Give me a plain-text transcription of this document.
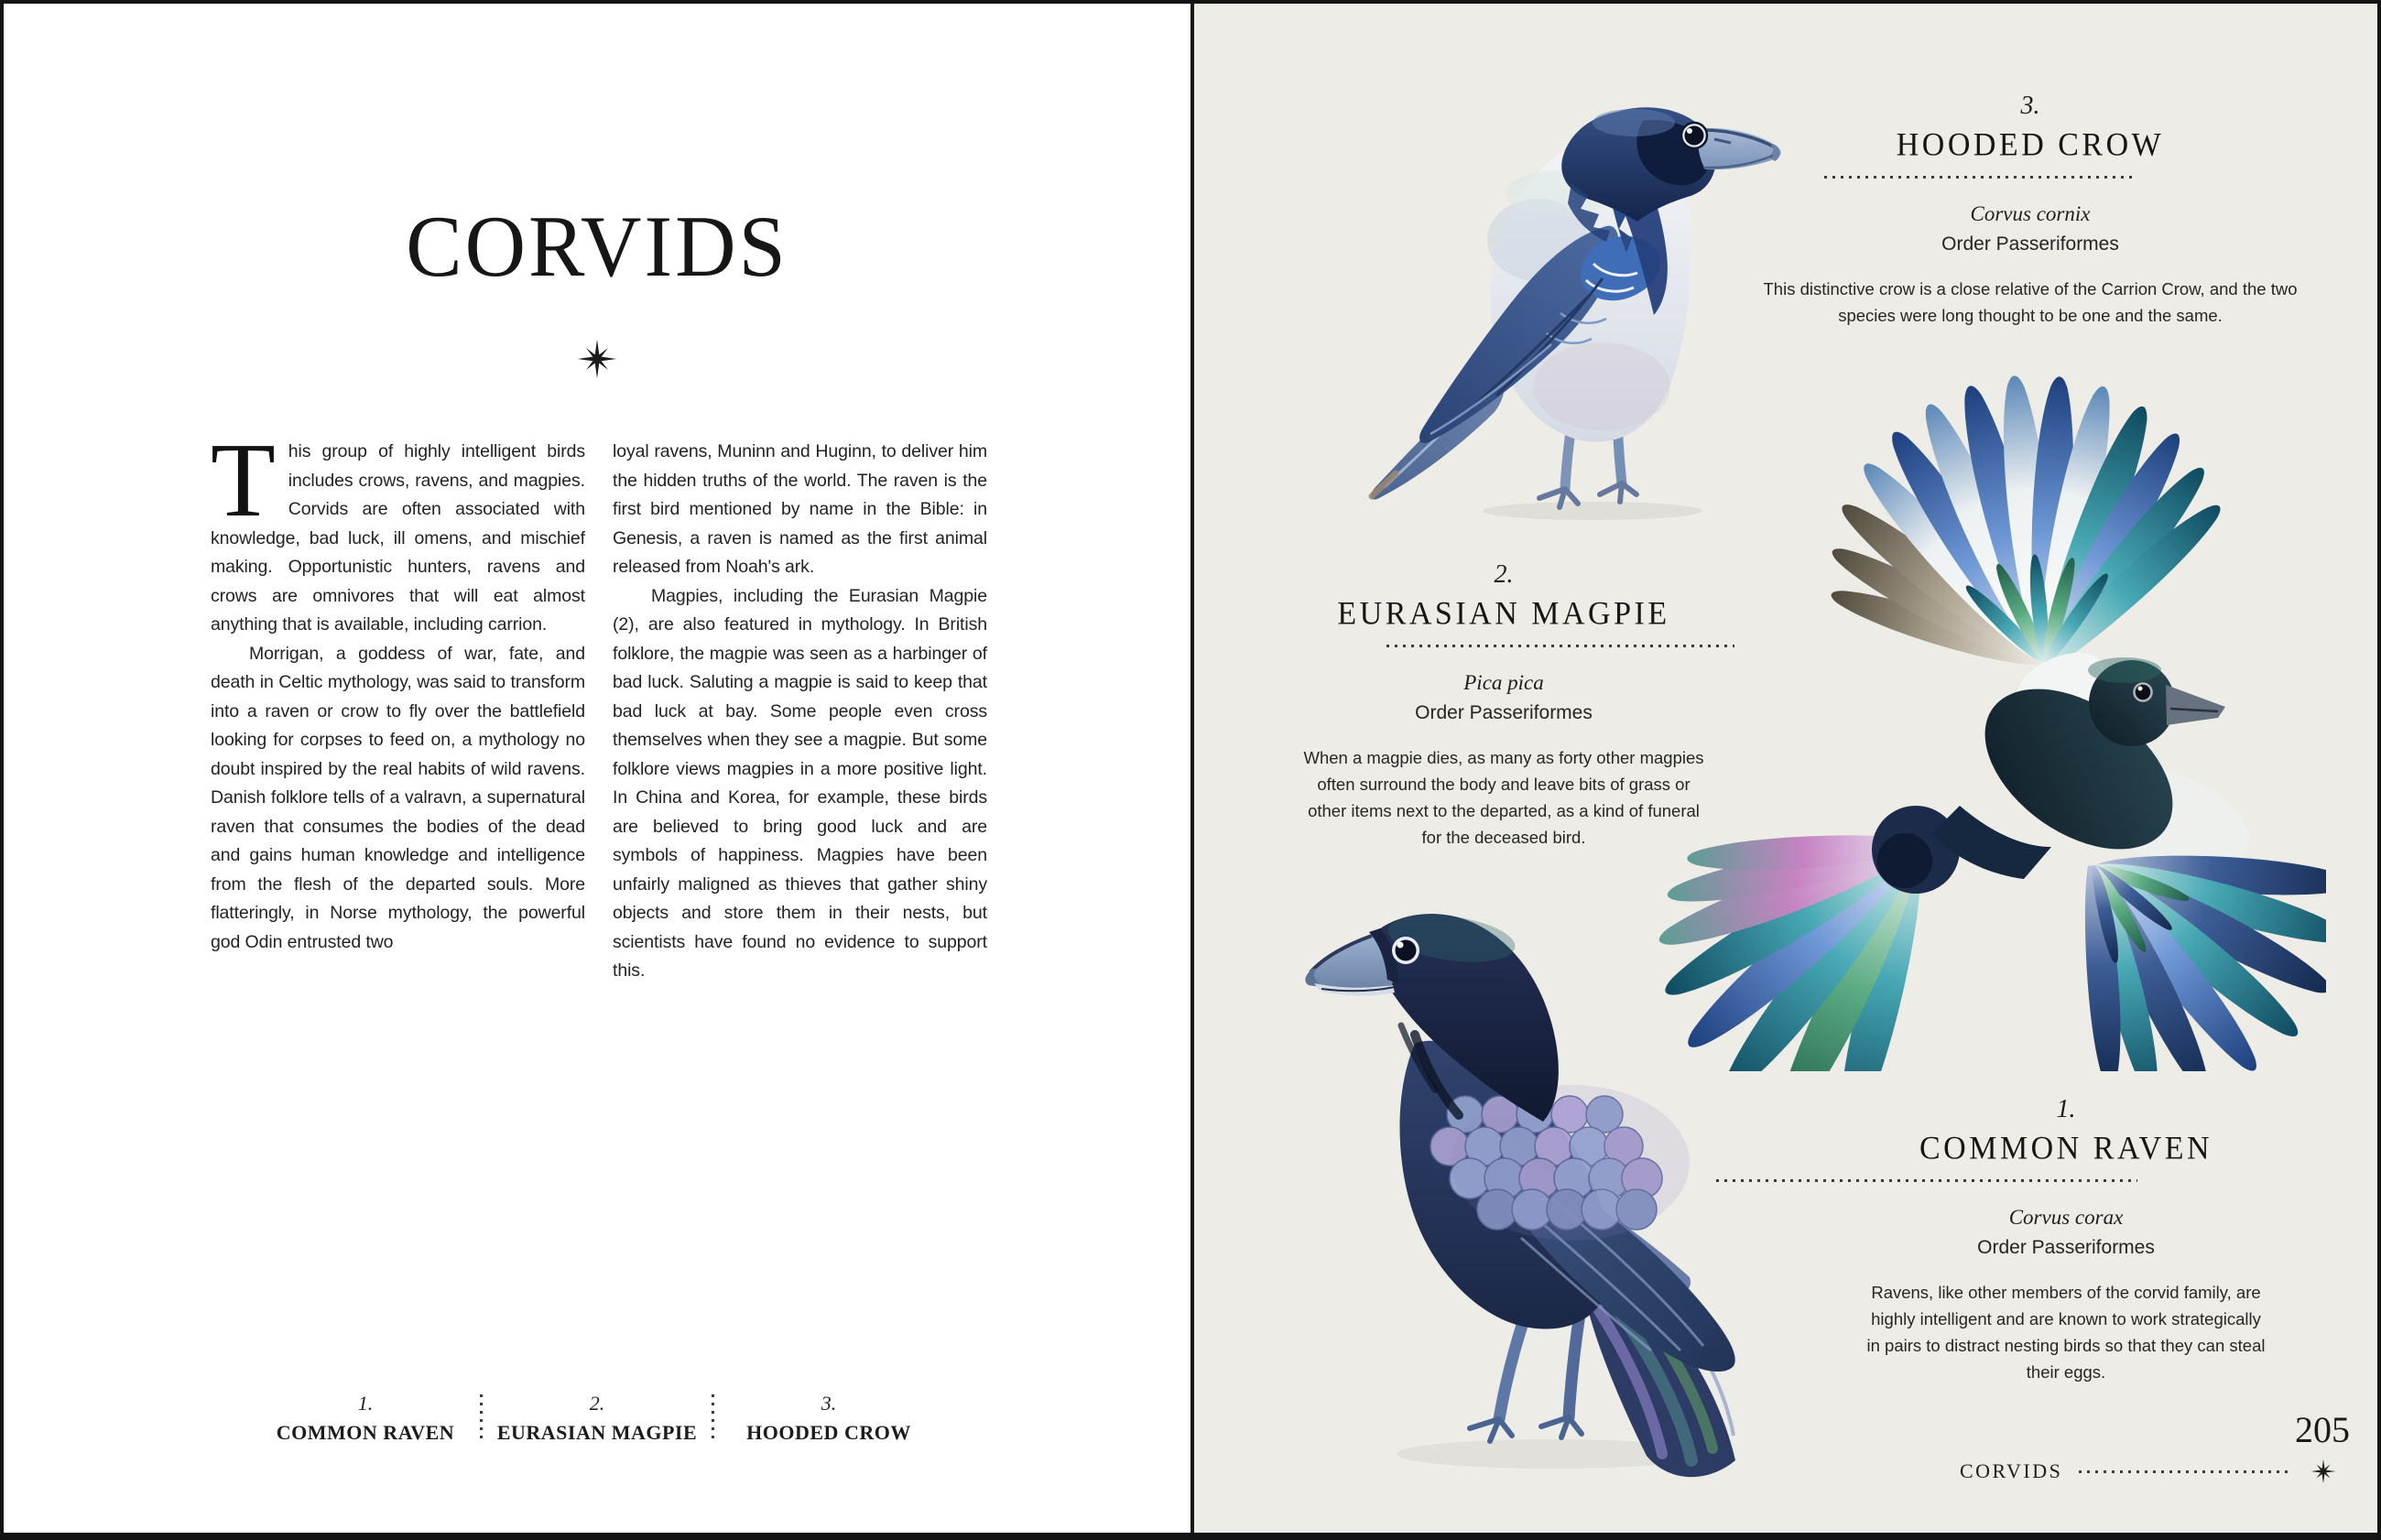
CORVIDS

This group of highly intelligent birds includes crows, ravens, and magpies. Corvids are often associated with knowledge, bad luck, ill omens, and mischief making. Opportunistic hunters, ravens and crows are omnivores that will eat almost anything that is available, including carrion.

Morrigan, a goddess of war, fate, and death in Celtic mythology, was said to transform into a raven or crow to fly over the battlefield looking for corpses to feed on, a mythology no doubt inspired by the real habits of wild ravens. Danish folklore tells of a valravn, a supernatural raven that consumes the bodies of the dead and gains human knowledge and intelligence from the flesh of the departed souls. More flatteringly, in Norse mythology, the powerful god Odin entrusted two

loyal ravens, Muninn and Huginn, to deliver him the hidden truths of the world. The raven is the first bird mentioned by name in the Bible: in Genesis, a raven is named as the first animal released from Noah's ark.

Magpies, including the Eurasian Magpie (2), are also featured in mythology. In British folklore, the magpie was seen as a harbinger of bad luck. Saluting a magpie is said to keep that bad luck at bay. Some people even cross themselves when they see a magpie. But some folklore views magpies in a more positive light. In China and Korea, for example, these birds are believed to bring good luck and are symbols of happiness. Magpies have been unfairly maligned as thieves that gather shiny objects and store them in their nests, but scientists have found no evidence to support this.

1.
COMMON RAVEN
2.
EURASIAN MAGPIE
3.
HOODED CROW
3.
HOODED CROW
Corvus cornix
Order Passeriformes

This distinctive crow is a close relative of the Carrion Crow, and the two species were long thought to be one and the same.

2.
EURASIAN MAGPIE
Pica pica
Order Passeriformes

When a magpie dies, as many as forty other magpies often surround the body and leave bits of grass or other items next to the departed, as a kind of funeral for the deceased bird.

1.
COMMON RAVEN
Corvus corax
Order Passeriformes

Ravens, like other members of the corvid family, are highly intelligent and are known to work strategically in pairs to distract nesting birds so that they can steal their eggs.

205
CORVIDS
